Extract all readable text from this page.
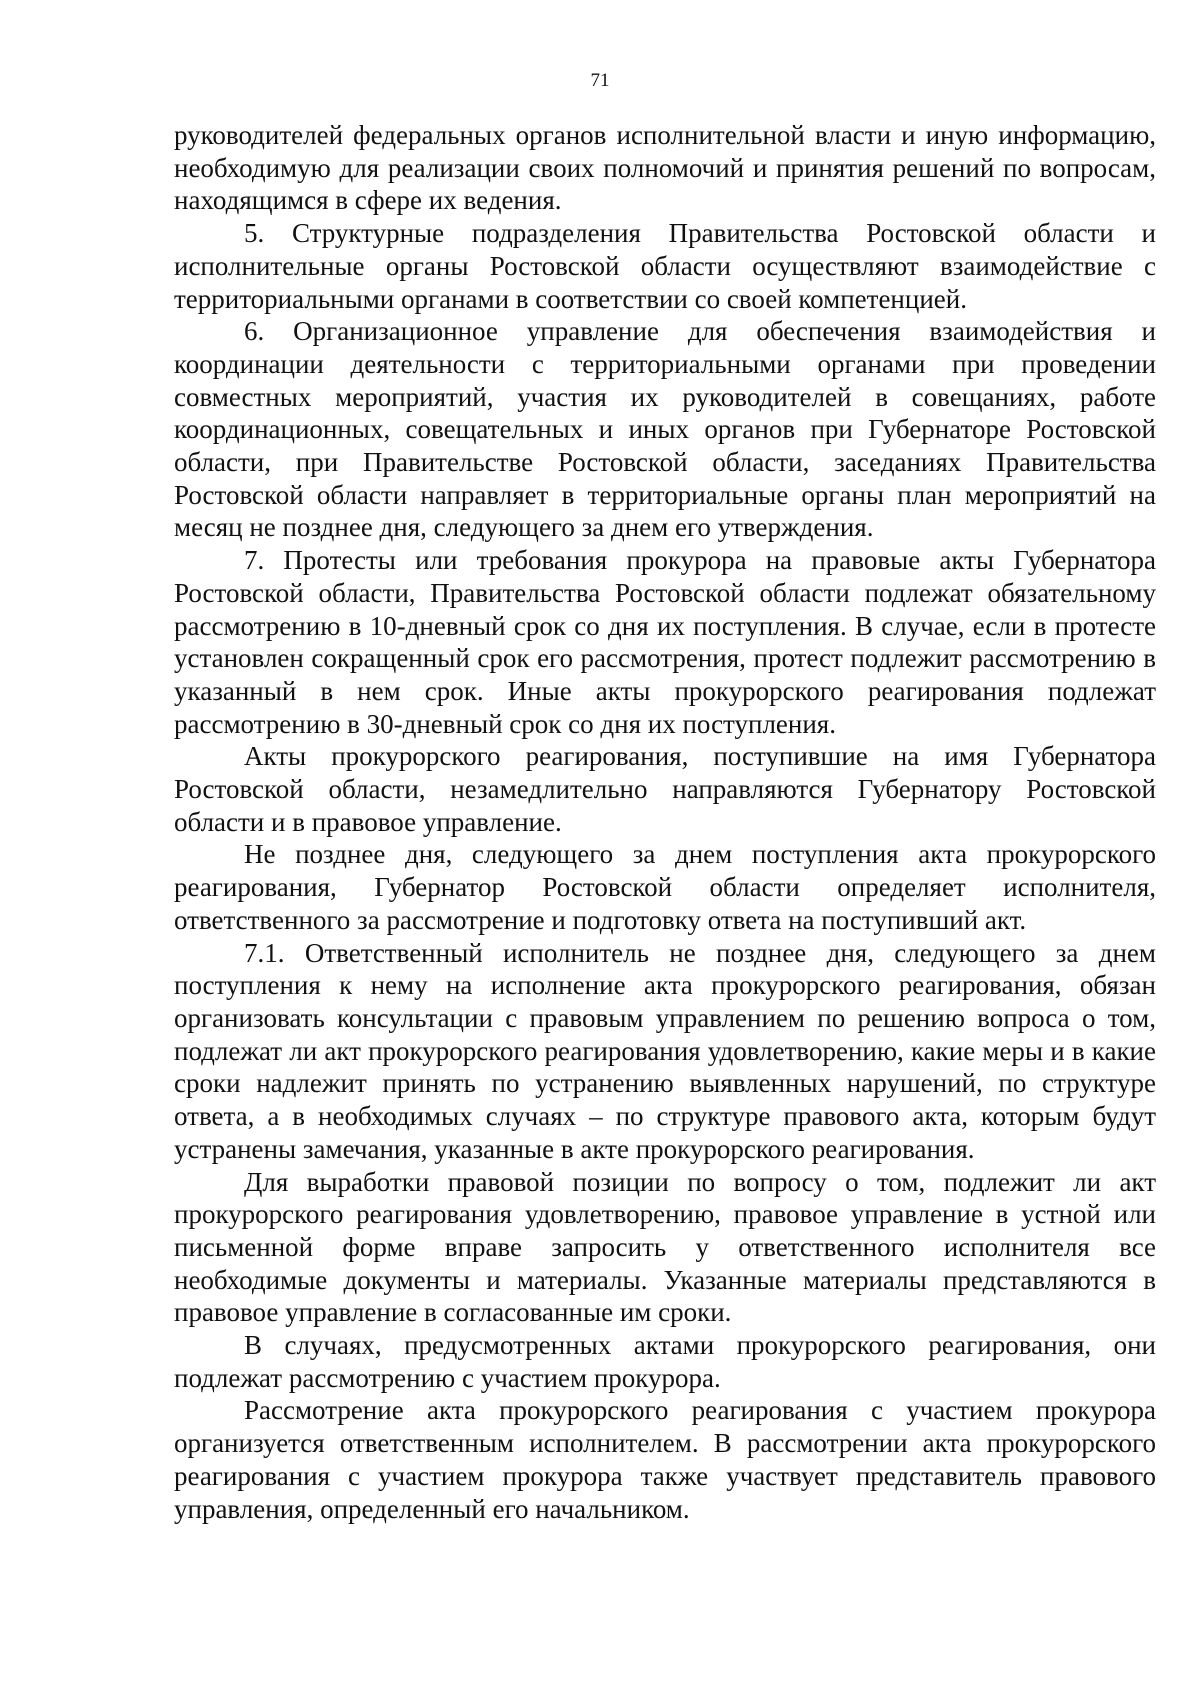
71

руководителей федеральных органов исполнительной власти и иную информацию, необходимую для реализации своих полномочий и принятия решений по вопросам, находящимся в сфере их ведения.

5. Структурные подразделения Правительства Ростовской области и исполнительные органы Ростовской области осуществляют взаимодействие с территориальными органами в соответствии со своей компетенцией.

6. Организационное управление для обеспечения взаимодействия и координации деятельности с территориальными органами при проведении совместных мероприятий, участия их руководителей в совещаниях, работе координационных, совещательных и иных органов при Губернаторе Ростовской области, при Правительстве Ростовской области, заседаниях Правительства Ростовской области направляет в территориальные органы план мероприятий на месяц не позднее дня, следующего за днем его утверждения.

7. Протесты или требования прокурора на правовые акты Губернатора Ростовской области, Правительства Ростовской области подлежат обязательному рассмотрению в 10-дневный срок со дня их поступления. В случае, если в протесте установлен сокращенный срок его рассмотрения, протест подлежит рассмотрению в указанный в нем срок. Иные акты прокурорского реагирования подлежат рассмотрению в 30-дневный срок со дня их поступления.

Акты прокурорского реагирования, поступившие на имя Губернатора Ростовской области, незамедлительно направляются Губернатору Ростовской области и в правовое управление.

Не позднее дня, следующего за днем поступления акта прокурорского реагирования, Губернатор Ростовской области определяет исполнителя, ответственного за рассмотрение и подготовку ответа на поступивший акт.

7.1. Ответственный исполнитель не позднее дня, следующего за днем поступления к нему на исполнение акта прокурорского реагирования, обязан организовать консультации с правовым управлением по решению вопроса о том, подлежат ли акт прокурорского реагирования удовлетворению, какие меры и в какие сроки надлежит принять по устранению выявленных нарушений, по структуре ответа, а в необходимых случаях – по структуре правового акта, которым будут устранены замечания, указанные в акте прокурорского реагирования.

Для выработки правовой позиции по вопросу о том, подлежит ли акт прокурорского реагирования удовлетворению, правовое управление в устной или письменной форме вправе запросить у ответственного исполнителя все необходимые документы и материалы. Указанные материалы представляются в правовое управление в согласованные им сроки.

В случаях, предусмотренных актами прокурорского реагирования, они подлежат рассмотрению с участием прокурора.

Рассмотрение акта прокурорского реагирования с участием прокурора организуется ответственным исполнителем. В рассмотрении акта прокурорского реагирования с участием прокурора также участвует представитель правового управления, определенный его начальником.
